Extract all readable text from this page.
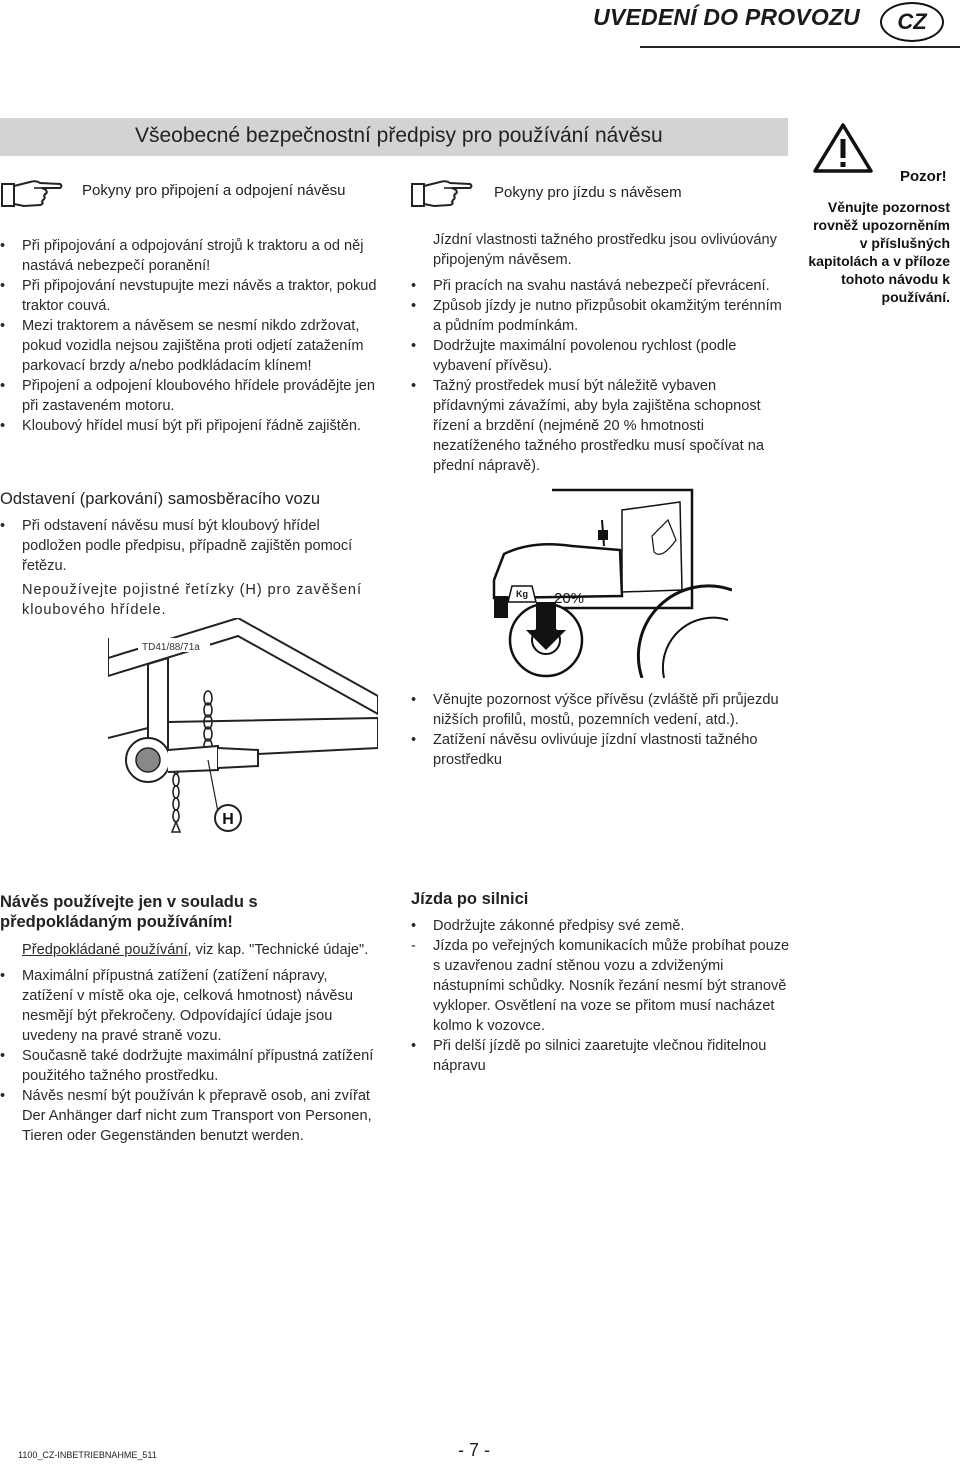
UVEDENÍ DO PROVOZU	CZ
Všeobecné bezpečnostní předpisy pro používání návěsu
Pozor!
Věnujte pozornost rovněž upozorněním v příslušných kapitolách a v příloze tohoto návodu k používání.
Pokyny pro připojení a odpojení návěsu

• Při připojování a odpojování strojů k traktoru a od něj nastává nebezpečí poranění!

• Při připojování nevstupujte mezi návěs a traktor, pokud traktor couvá.

• Mezi traktorem a návěsem se nesmí nikdo zdržovat, pokud vozidla nejsou zajištěna proti odjetí zatažením parkovací brzdy a/nebo podkládacím klínem!

• Připojení a odpojení kloubového hřídele provádějte jen při zastaveném motoru.

• Kloubový hřídel musí být při připojení řádně zajištěn.

Pokyny pro jízdu s návěsem

Jízdní vlastnosti tažného prostředku jsou ovlivúovány připojeným návěsem.

• Při pracích na svahu nastává nebezpečí převrácení.

• Způsob jízdy je nutno přizpůsobit okamžitým terénním a půdním podmínkám.

• Dodržujte maximální povolenou rychlost (podle vybavení přívěsu).

• Tažný prostředek musí být náležitě vybaven přídavnými závažími, aby byla zajištěna schopnost řízení a brzdění (nejméně 20 % hmotnosti nezatíženého tažného prostředku musí spočívat na přední nápravě).

Odstavení (parkování) samosběracího vozu

• Při odstavení návěsu musí být kloubový hřídel podložen podle předpisu, případně zajištěn pomocí řetězu.

Nepoužívejte pojistné řetízky (H) pro zavěšení kloubového hřídele.

H
TD41/88/71a
Kg 20%

• Věnujte pozornost výšce přívěsu (zvláště při průjezdu nižších profilů, mostů, pozemních vedení, atd.).

• Zatížení návěsu ovlivúuje jízdní vlastnosti tažného prostředku

Návěs používejte jen v souladu s předpokládaným používáním!

Předpokládané používání, viz kap. "Technické údaje".

• Maximální přípustná zatížení (zatížení nápravy, zatížení v místě oka oje, celková hmotnost) návěsu nesmějí být překročeny. Odpovídající údaje jsou uvedeny na pravé straně vozu.

• Současně také dodržujte maximální přípustná zatížení použitého tažného prostředku.

• Návěs nesmí být používán k přepravě osob, ani zvířat Der Anhänger darf nicht zum Transport von Personen, Tieren oder Gegenständen benutzt werden.

Jízda po silnici

• Dodržujte zákonné předpisy své země.

- Jízda po veřejných komunikacích může probíhat pouze s uzavřenou zadní stěnou vozu a zdviženými nástupními schůdky. Nosník řezání nesmí být stranově vykloper. Osvětlení na voze se přitom musí nacházet kolmo k vozovce.

• Při delší jízdě po silnici zaaretujte vlečnou řiditelnou nápravu

1100_CZ-INBETRIEBNAHME_511	- 7 -
